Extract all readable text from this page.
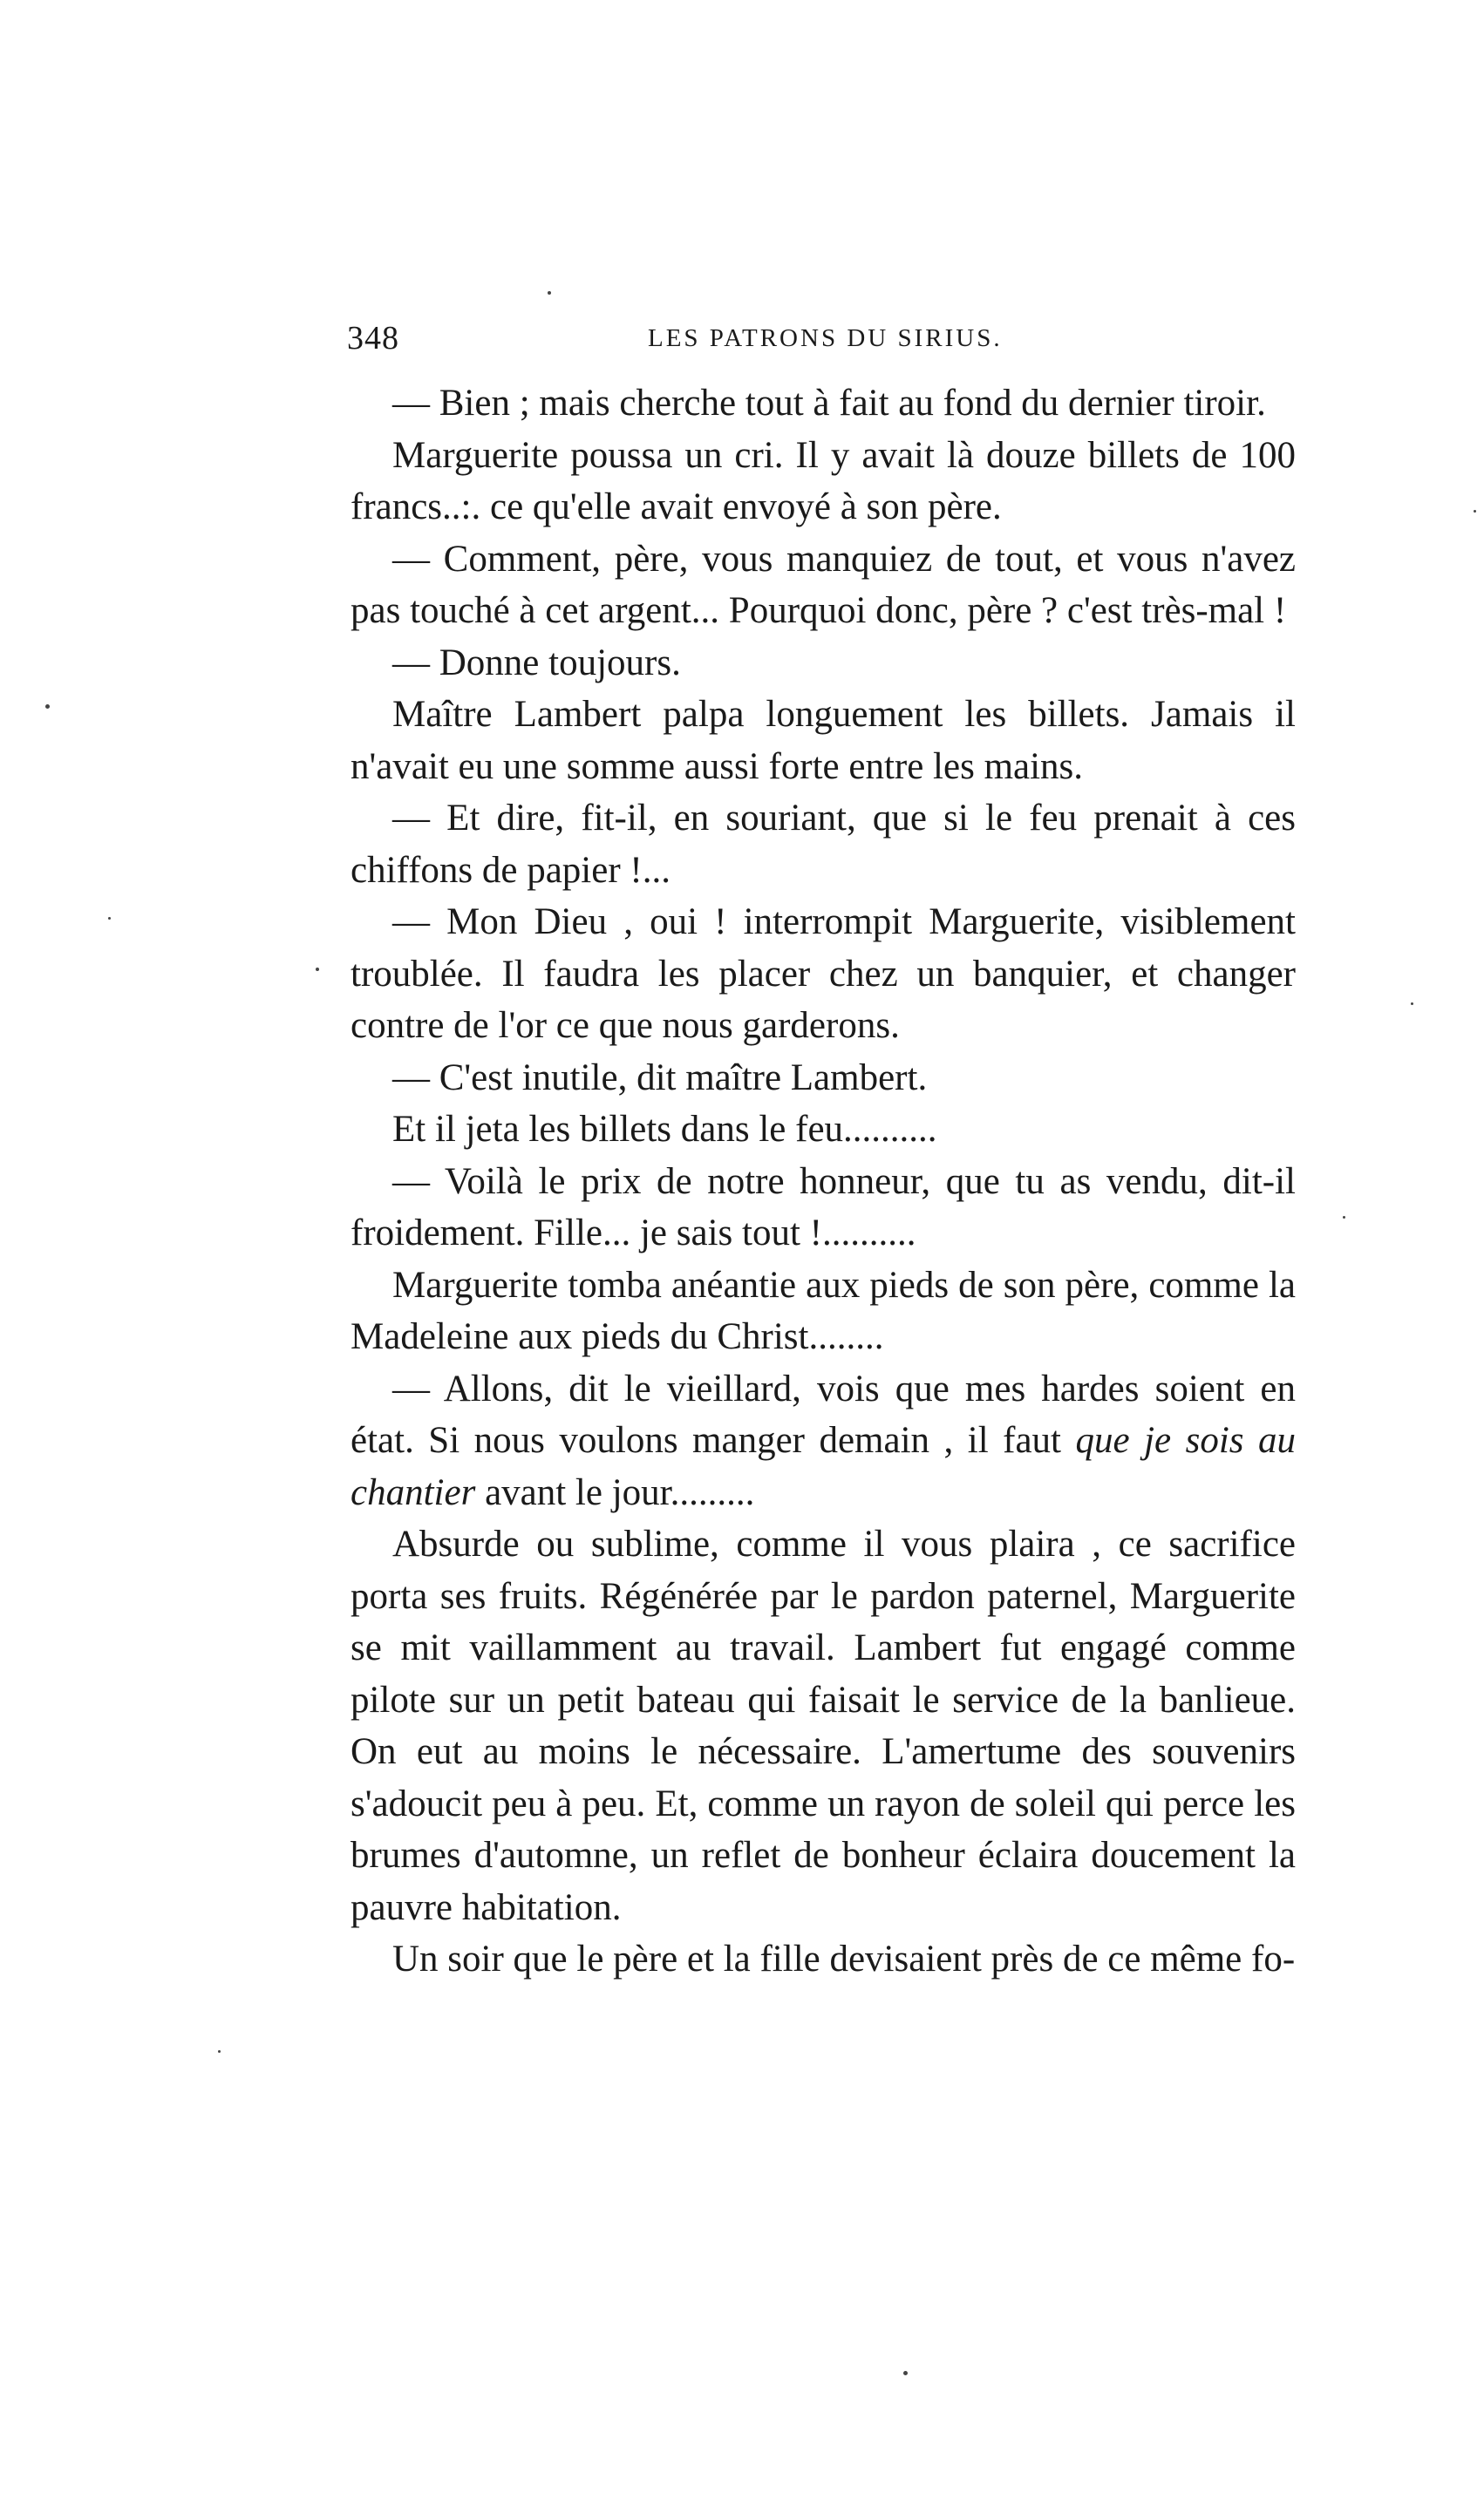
348	LES PATRONS DU SIRIUS.

— Bien ; mais cherche tout à fait au fond du dernier tiroir.

Marguerite poussa un cri. Il y avait là douze billets de 100 francs..:. ce qu'elle avait envoyé à son père.

— Comment, père, vous manquiez de tout, et vous n'avez pas touché à cet argent... Pourquoi donc, père ? c'est très-mal !

— Donne toujours.

Maître Lambert palpa longuement les billets. Jamais il n'avait eu une somme aussi forte entre les mains.

— Et dire, fit-il, en souriant, que si le feu prenait à ces chiffons de papier !...

— Mon Dieu , oui ! interrompit Marguerite, visiblement troublée. Il faudra les placer chez un banquier, et changer contre de l'or ce que nous garderons.

— C'est inutile, dit maître Lambert.

Et il jeta les billets dans le feu..........

— Voilà le prix de notre honneur, que tu as vendu, dit-il froidement. Fille... je sais tout !..........

Marguerite tomba anéantie aux pieds de son père, comme la Madeleine aux pieds du Christ........

— Allons, dit le vieillard, vois que mes hardes soient en état. Si nous voulons manger demain , il faut que je sois au chantier avant le jour.........

Absurde ou sublime, comme il vous plaira , ce sacrifice porta ses fruits. Régénérée par le pardon paternel, Marguerite se mit vaillamment au travail. Lambert fut engagé comme pilote sur un petit bateau qui faisait le service de la banlieue. On eut au moins le nécessaire. L'amertume des souvenirs s'adoucit peu à peu. Et, comme un rayon de soleil qui perce les brumes d'automne, un reflet de bonheur éclaira doucement la pauvre habitation.

Un soir que le père et la fille devisaient près de ce même fo-
